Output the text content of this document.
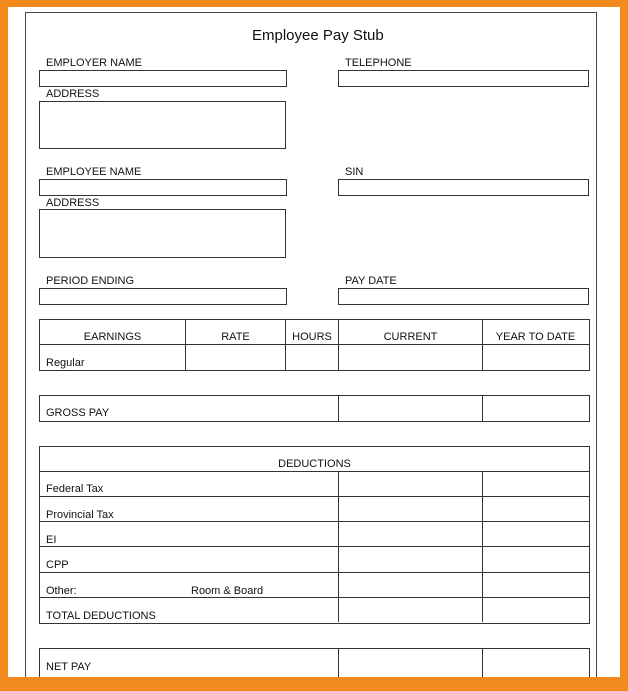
Employee Pay Stub
EMPLOYER NAME	TELEPHONE
ADDRESS
EMPLOYEE NAME	SIN
ADDRESS
PERIOD ENDING	PAY DATE
EARNINGS	RATE	HOURS	CURRENT	YEAR TO DATE
Regular
GROSS PAY
DEDUCTIONS
Federal Tax
Provincial Tax
EI
CPP
Other:	Room & Board
TOTAL DEDUCTIONS
NET PAY
